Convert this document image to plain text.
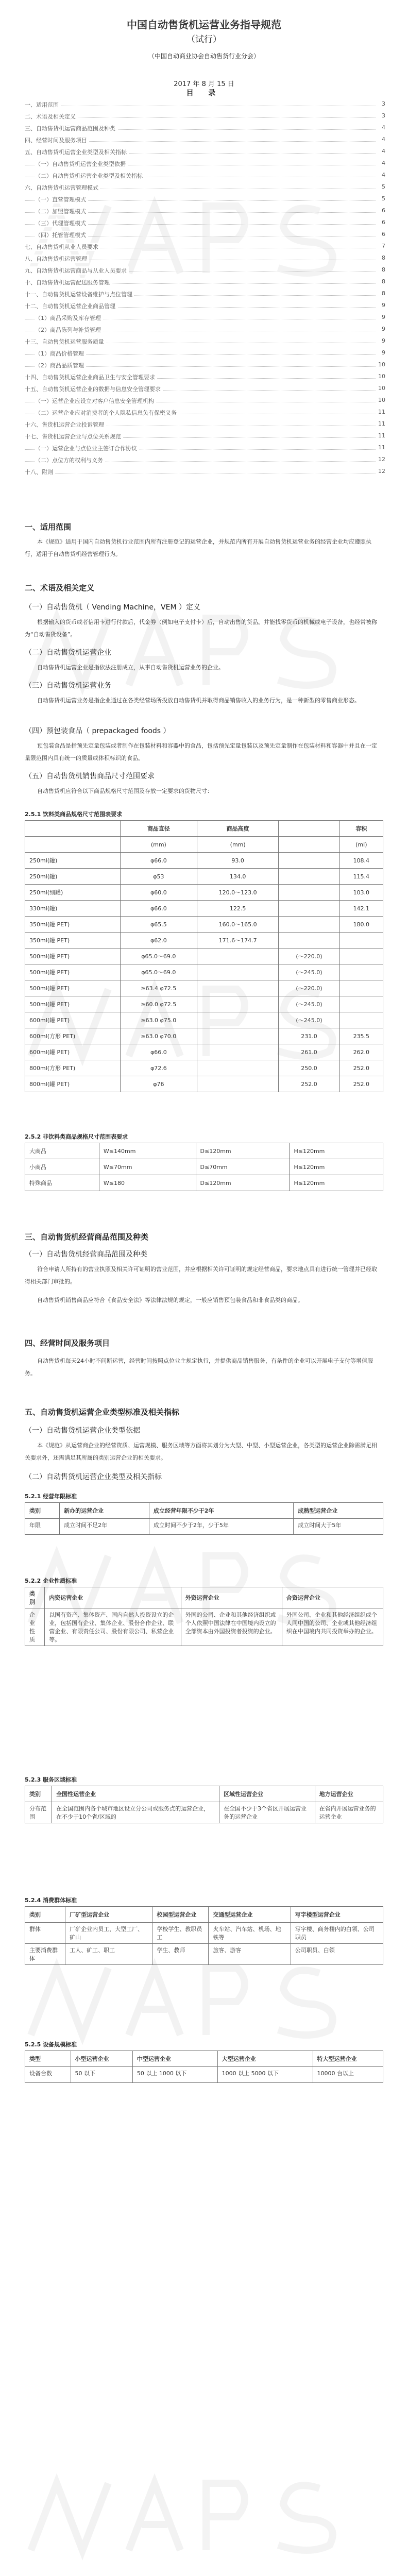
中国自动售货机运营业务指导规范
（试行）
（中国自动商业协会自动售货行业分会）
2017 年 8 月 15 日
目 录
一、适用范围	3
二、术语及相关定义	3
三、自动售货机运营商品范围及种类	4
四、经营时间及服务项目	4
五、自动售货机运营企业类型及相关指标	4
（一）自动售货机运营企业类型依据	4
（二）自动售货机运营企业类型及相关指标	4
六、自动售货机运营管理模式	5
（一）直营管理模式	5
（二）加盟管理模式	6
（三）代理管理模式	6
（四）托管管理模式	6
七、自动售货机从业人员要求	7
八、自动售货机运营管理	8
九、自动售货机运营商品与从业人员要求	8
十、自动售货机运营配送服务管理	8
十一、自动售货机运营设备维护与点位管理	8
十二、自动售货机运营企业商品管理	9
（1）商品采购及库存管理	9
（2）商品陈列与补货管理	9
十三、自动售货机运营服务质量	9
（1）商品价格管理	9
（2）商品品质管理	10
十四、自动售货机运营企业商品卫生与安全管理要求	10
十五、自动售货机运营企业的数据与信息安全管理要求	10
（一）运营企业应设立对客户信息安全管理机构	10
（二）运营企业应对消费者的个人隐私信息负有保密义务	11
十六、售货机运营企业投诉管理	11
十七、售货机运营企业与点位关系规范	11
（一）运营企业与点位业主签订合作协议	11
（二）点位方的权利与义务	12
十八、附则	12
一、适用范围
本《规范》适用于国内自动售货机行业范围内所有注册登记的运营企业，并规范内所有开展自动售货机运营业务的经营企业均应遵照执行，适用于自动售货机经营管理行为。
二、术语及相关定义
（一）自动售货机（ Vending Machine，VEM ）定义
根据输入的货币或者信用卡进行付款后，代金券（例如电子支付卡）后，自动出售的货品。并能找零货币的机械或电子设备，也经常被称为“自动售货设备”。
（二）自动售货机运营企业
自动售货机运营企业是指依法注册成立，从事自动售货机运营业务的企业。
（三）自动售货机运营业务
自动售货机运营业务是指企业通过在各类经营场所投放自动售货机并取得商品销售收入的业务行为，是一种新型的零售商业形态。
（四）预包装食品（ prepackaged foods ）
预包装食品是指预先定量包装或者制作在包装材料和容器中的食品，包括预先定量包装以及预先定量制作在包装材料和容器中并且在一定量限范围内具有统一的质量或体积标识的食品。
（五）自动售货机销售商品尺寸范围要求
自动售货机应符合以下商品规格尺寸范围及存放一定要求的货物尺寸：
2.5.1 饮料类商品规格尺寸范围表要求
	商品直径	商品高度		容积
	(mm)	(mm)		(ml)
250ml(罐)	φ66.0	93.0		108.4
250ml(罐)	φ53	134.0		115.4
250ml(细罐)	φ60.0	120.0～123.0		103.0
330ml(罐)	φ66.0	122.5		142.1
350ml(罐 PET)	φ65.5	160.0～165.0		180.0
350ml(罐 PET)	φ62.0	171.6～174.7		
500ml(罐 PET)	φ65.0～69.0		(～220.0)	
500ml(罐 PET)	φ65.0～69.0		(～245.0)	
500ml(罐 PET)	≥63.4 φ72.5		(～220.0)	
500ml(罐 PET)	≥60.0 φ72.5		(～245.0)	
600ml(罐 PET)	≥63.0 φ75.0		(～245.0)	
600ml(方形 PET)	≥63.0 φ70.0		231.0	235.5
600ml(罐 PET)	φ66.0		261.0	262.0
800ml(方形 PET)	φ72.6		250.0	252.0
800ml(罐 PET)	φ76		252.0	252.0
2.5.2 非饮料类商品规格尺寸范围表要求
大商品	W≤140mm	D≤120mm	H≤120mm
小商品	W≤70mm	D≤70mm	H≤120mm
特殊商品	W≤180	D≤120mm	H≤120mm
三、自动售货机经营商品范围及种类
（一）自动售货机经营商品范围及种类
符合申请人所持有的营业执照及相关许可证明的营业范围，并应根据相关许可证明的规定经营商品，要求地点具有进行统一管理并已经取得相关部门审批的。
自动售货机销售商品应符合《食品安全法》等法律法规的规定，一般应销售预包装食品和非食品类的商品。
四、经营时间及服务项目
自动售货机每天24小时不间断运营，经营时间按照点位业主规定执行，并提供商品销售服务，有条件的企业可以开展电子支付等增值服务。
五、自动售货机运营企业类型标准及相关指标
（一）自动售货机运营企业类型依据
本《规范》从运营商企业的经营资质、运营规模、服务区域等方面将其划分为大型、中型、小型运营企业，各类型的运营企业除需满足相关要求外，还需满足其所属的类别运营企业的相关要求。
（二）自动售货机运营企业类型及相关指标
5.2.1 经营年限标准
类别	新办的运营企业	成立经营年限不少于2年	成熟型运营企业
年限	成立时间不足2年	成立时间不少于2年，少于5年	成立时间大于5年
5.2.2 企业性质标准
类别	内资运营企业	外资运营企业	合资运营企业
企业性质	以国有资产、集体资产、国内自然人投资设立的企业，包括国有企业、集体企业、股份合作企业、联营企业、有限责任公司、股份有限公司、私营企业等。	外国的公司、企业和其他经济组织或个人依照中国法律在中国境内设立的全部资本由外国投资者投资的企业。	外国公司、企业和其他经济组织或个人同中国的公司、企业或其他经济组织在中国境内共同投资举办的企业。
5.2.3 服务区域标准
类别	全国性运营企业	区域性运营企业	地方运营企业
分布范围	在全国范围内各个城市地区设立分公司或服务点的运营企业，在不少于10个省/区域的	在全国不少于3个省区开展运营业务的运营企业	在省内开展运营业务的运营企业
5.2.4 消费群体标准
类别	厂矿型运营企业	校园型运营企业	交通型运营企业	写字楼型运营企业
群体	厂矿企业内员工，大型工厂、矿山	学校学生、教职员工	火车站、汽车站、机场、地铁等	写字楼、商务楼内的白领、公司职员
主要消费群体	工人、矿工、职工	学生、教师	旅客、游客	公司职员、白领
5.2.5 设备规模标准
类型	小型运营企业	中型运营企业	大型运营企业	特大型运营企业
设备台数	50 以下	50 以上 1000 以下	1000 以上 5000 以下	10000 台以上
